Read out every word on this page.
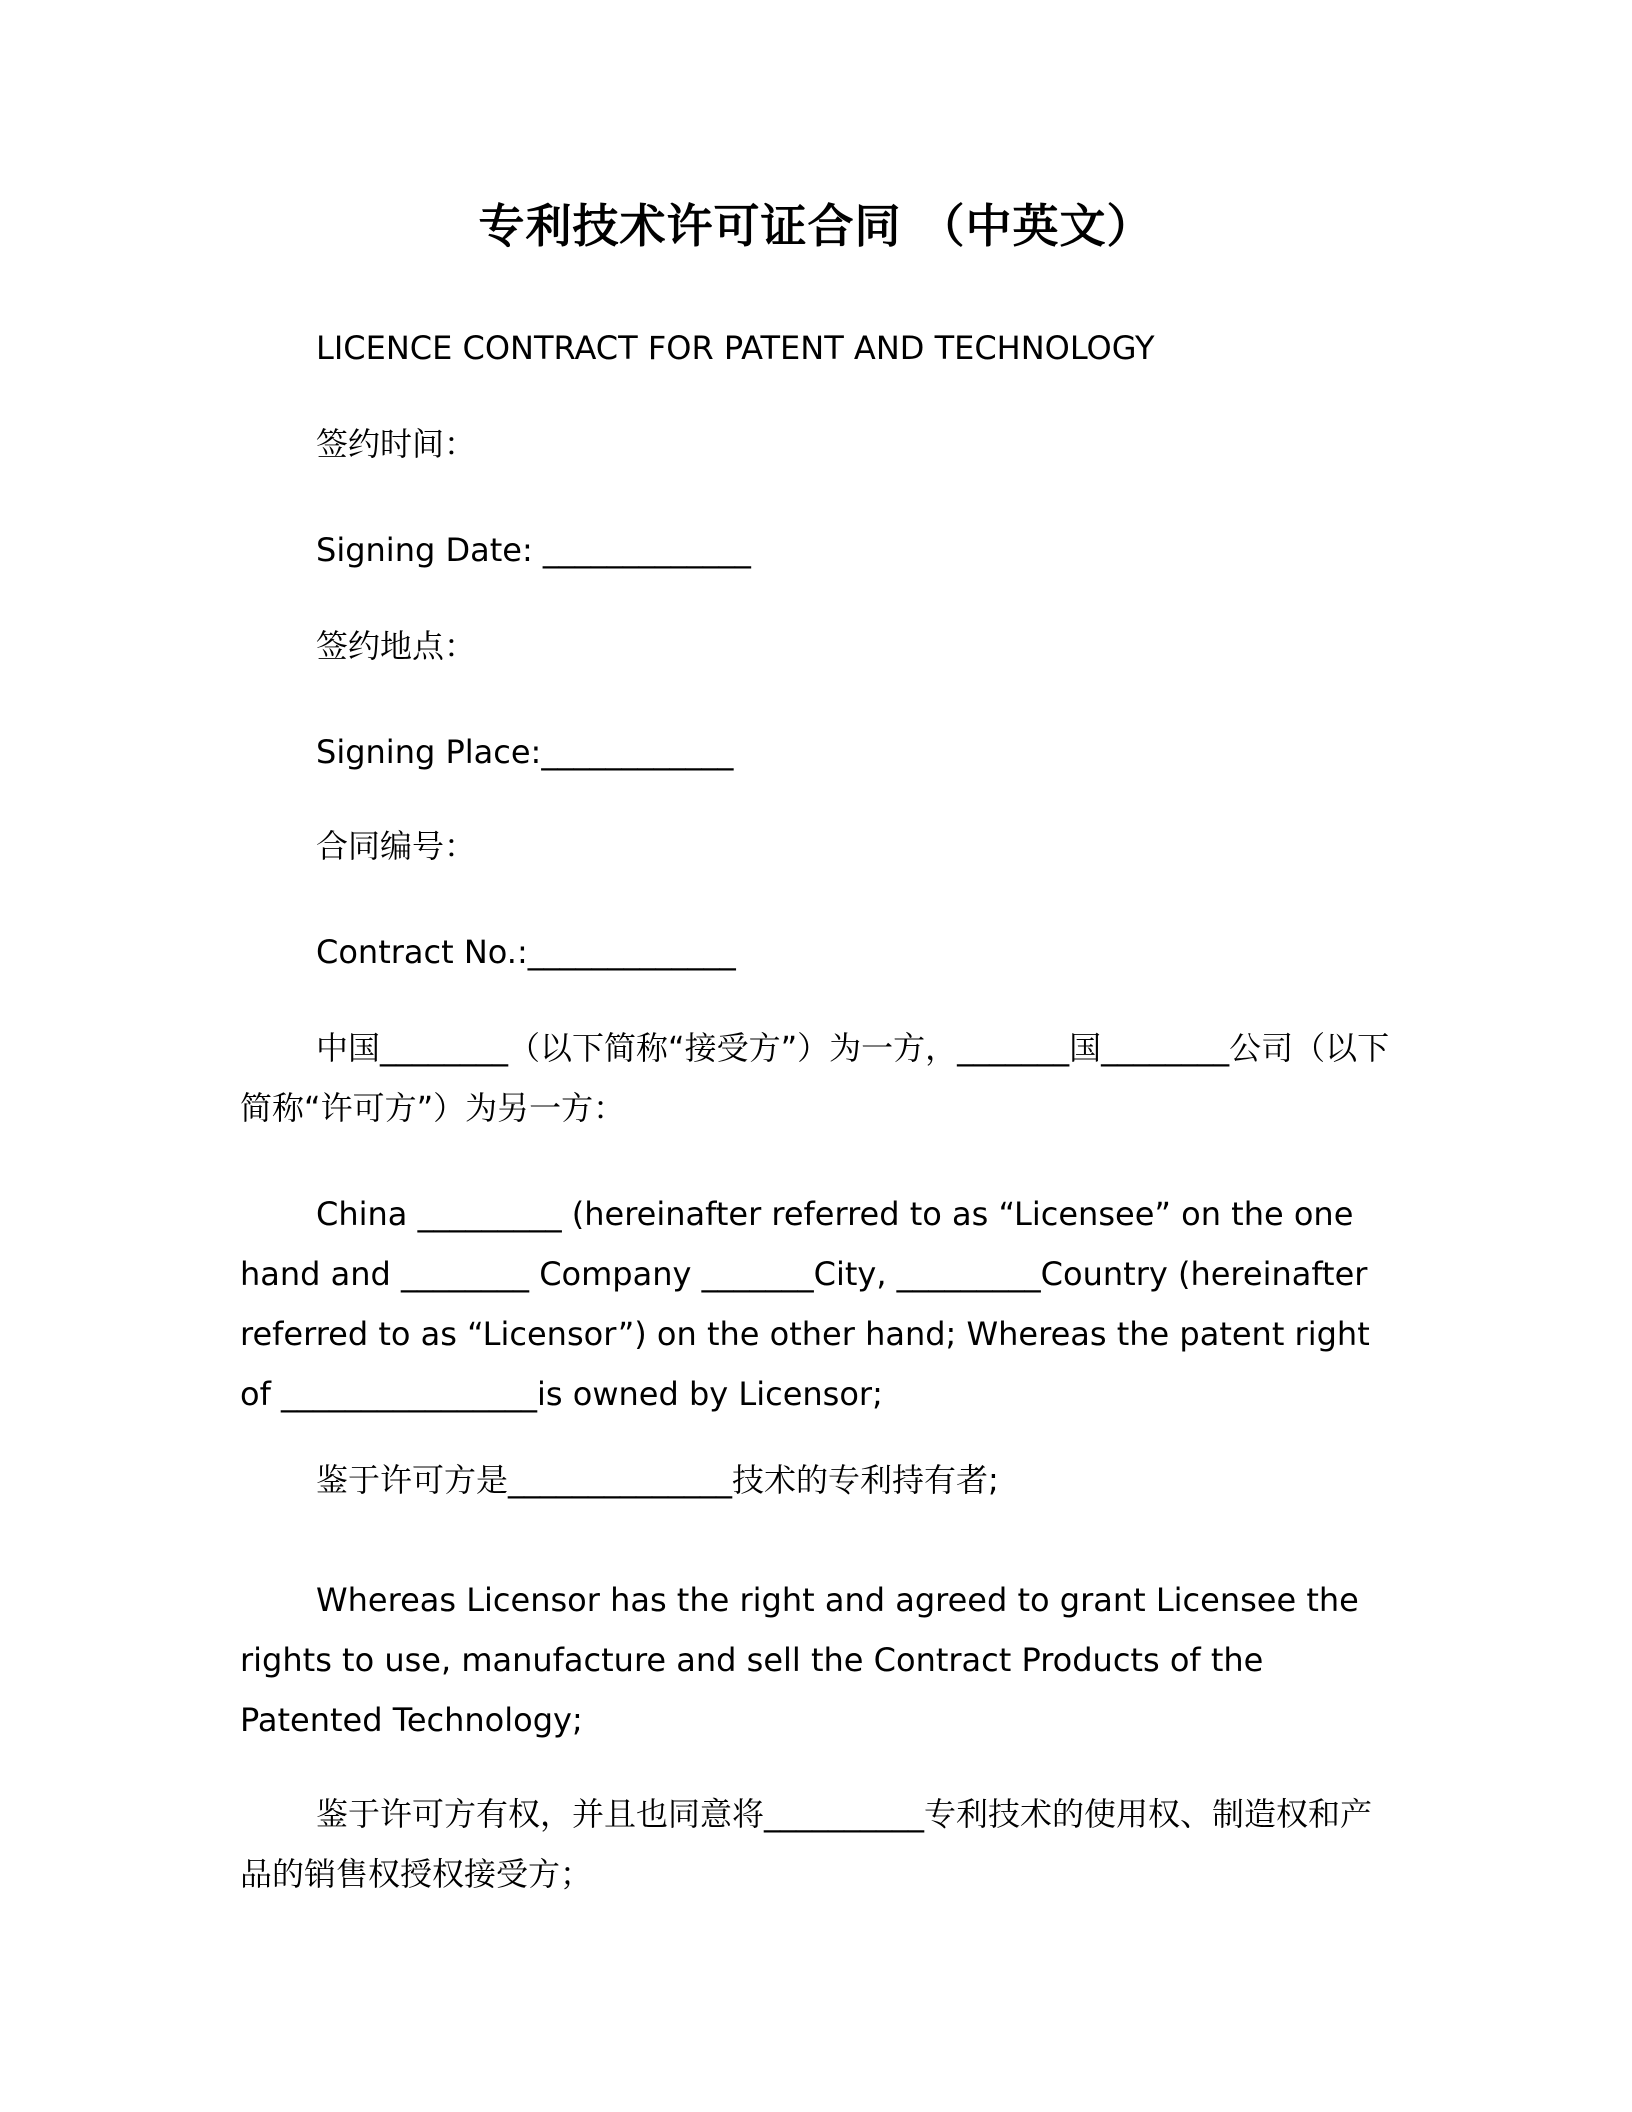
专利技术许可证合同 （中英文）
LICENCE CONTRACT FOR PATENT AND TECHNOLOGY
签约时间：
Signing Date: _____________
签约地点：
Signing Place:____________
合同编号：
Contract No.:_____________
中国________（以下简称“接受方”）为一方，_______国________公司（以下简称“许可方”）为另一方：
China _________ (hereinafter referred to as “Licensee” on the one hand and ________ Company _______City, _________Country (hereinafter referred to as “Licensor”) on the other hand; Whereas the patent right of ________________is owned by Licensor;
鉴于许可方是______________技术的专利持有者;
Whereas Licensor has the right and agreed to grant Licensee the rights to use, manufacture and sell the Contract Products of the Patented Technology;
鉴于许可方有权，并且也同意将__________专利技术的使用权、制造权和产品的销售权授权接受方；
